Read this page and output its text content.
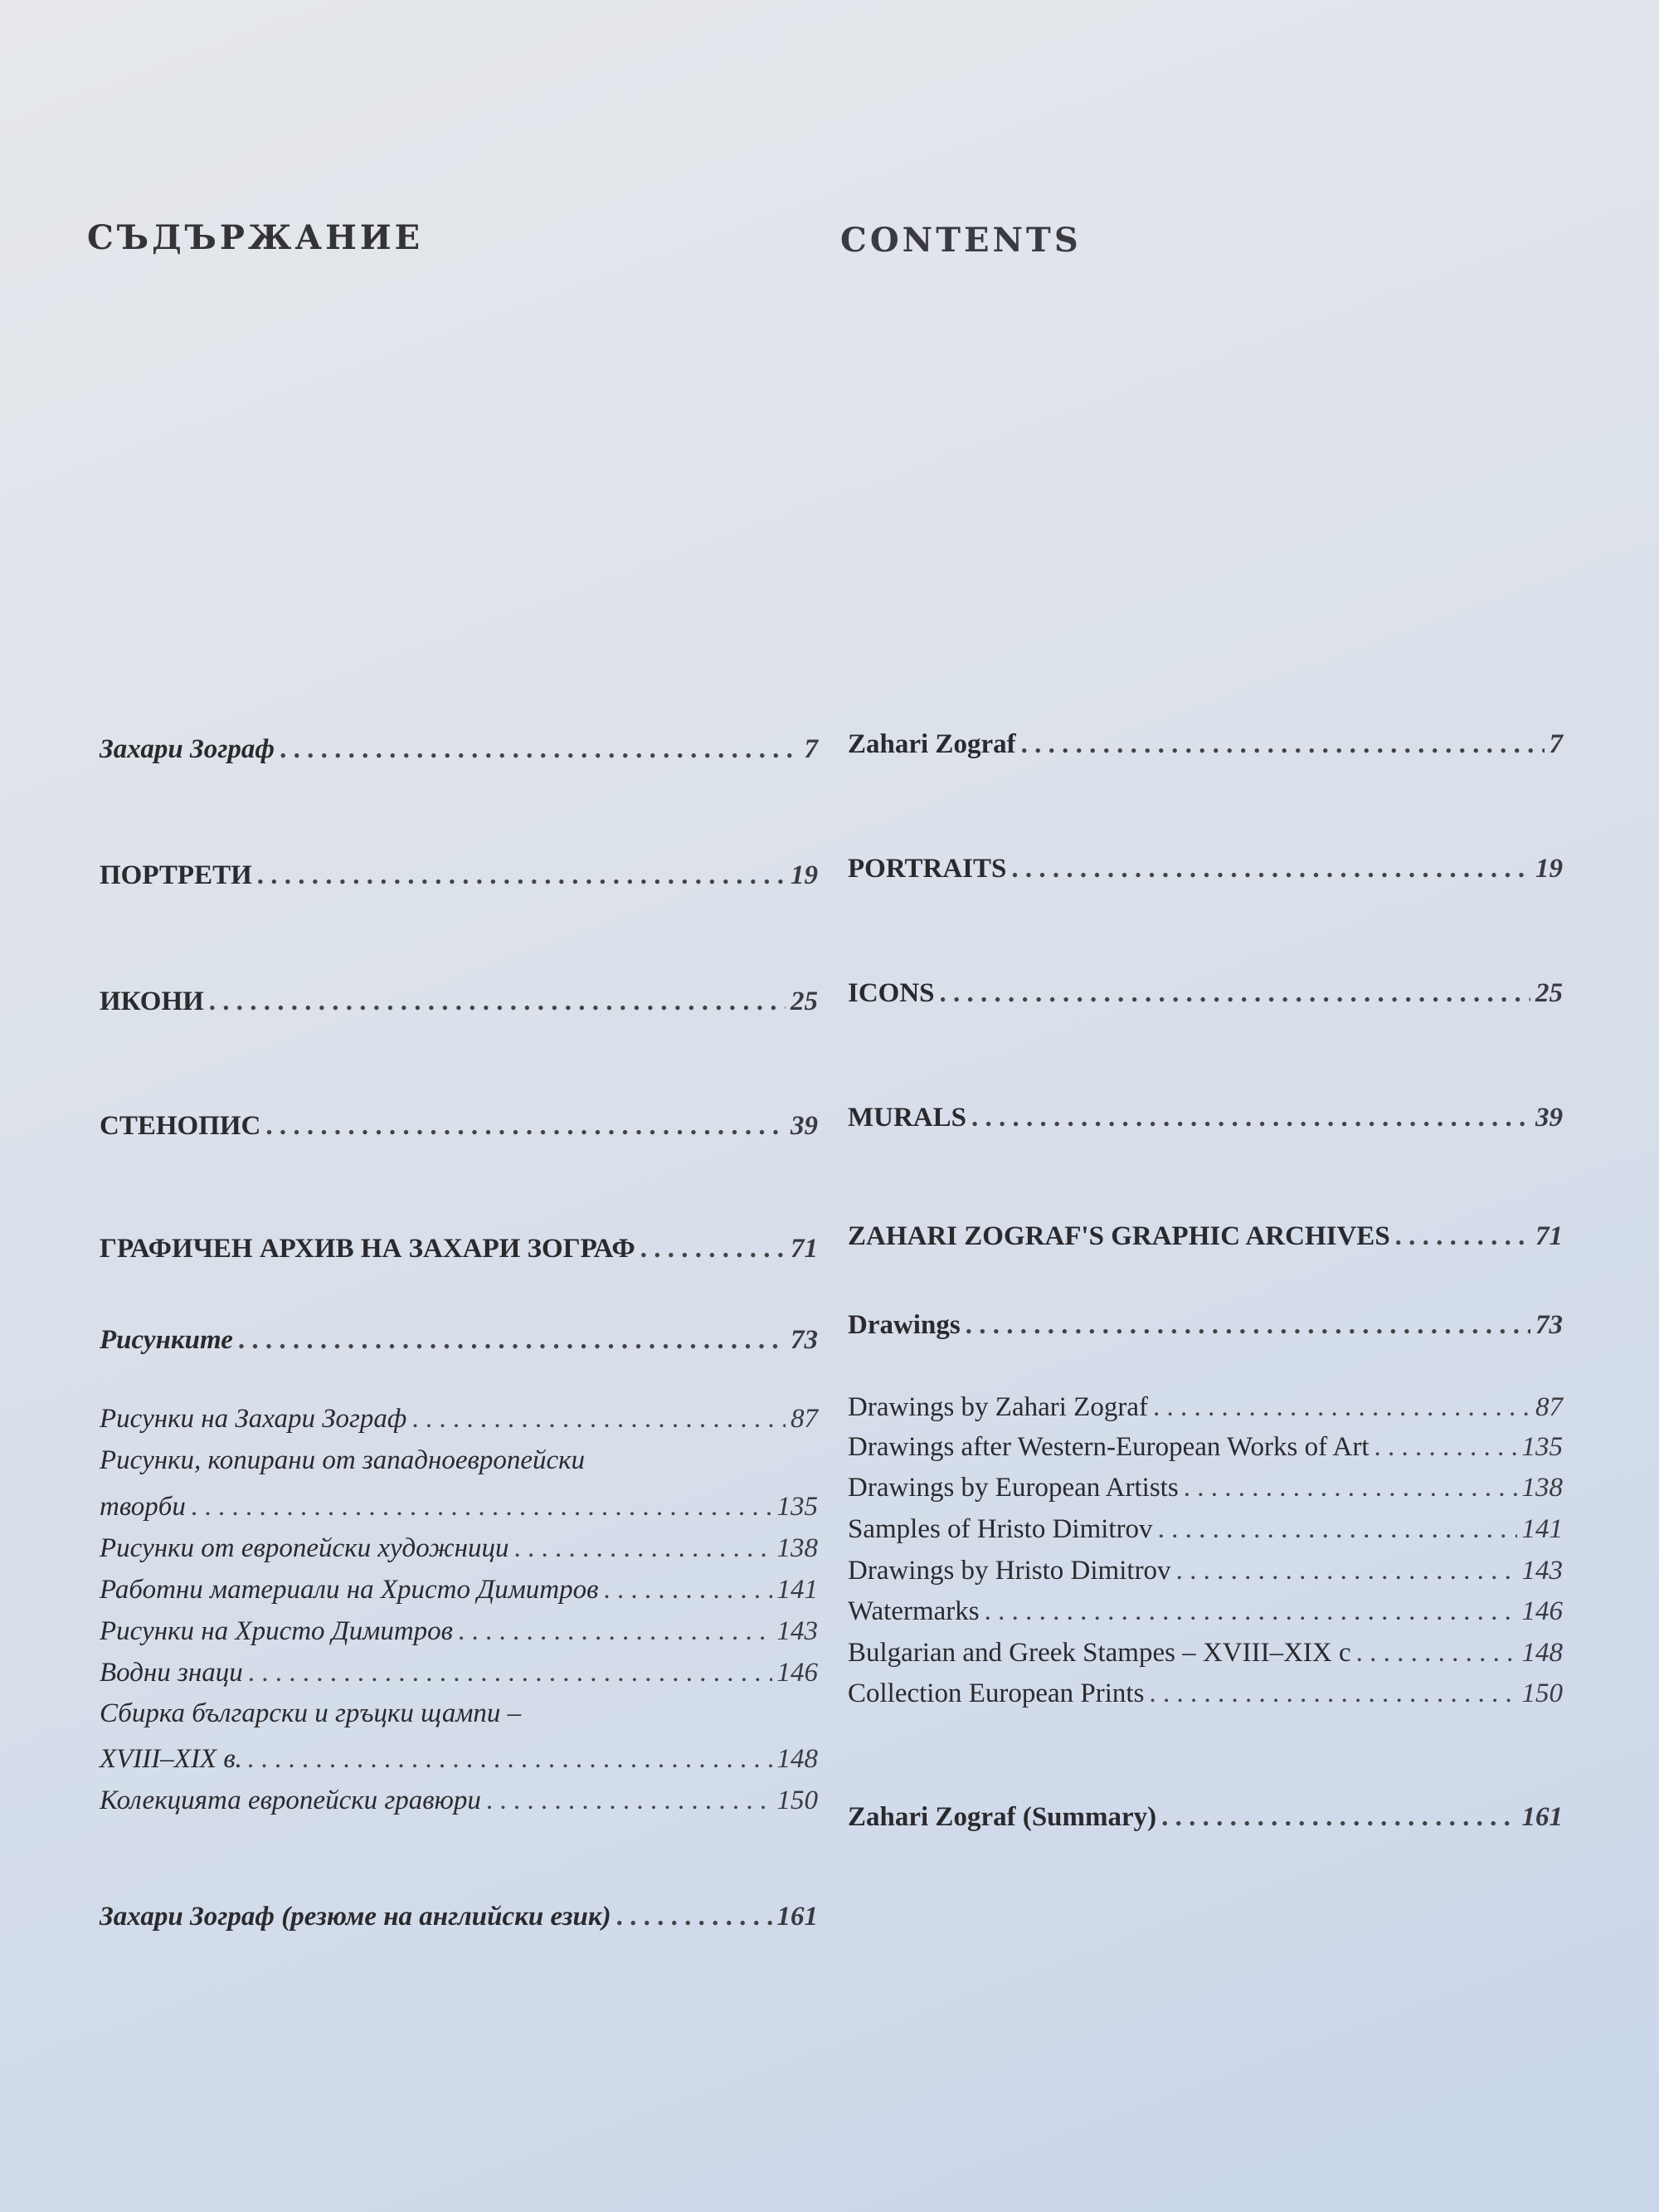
СЪДЪРЖАНИЕ	CONTENTS
Захари Зограф . . .	7
ПОРТРЕТИ . . .	19
ИКОНИ . . .	25
СТЕНОПИС . . .	39
ГРАФИЧЕН АРХИВ НА ЗАХАРИ ЗОГРАФ . . .	71
Рисунките . . .	73
Рисунки на Захари Зограф . . .	87
Рисунки, копирани от западноевропейски
творби . . .	135
Рисунки от европейски художници . . .	138
Работни материали на Христо Димитров . . .	141
Рисунки на Христо Димитров . . .	143
Водни знаци . . .	146
Сбирка български и гръцки щампи –
XVIII–XIX в. . . .	148
Колекцията европейски гравюри . . .	150
Захари Зограф (резюме на английски език) . . .	161
Zahari Zograf . . .	7
PORTRAITS . . .	19
ICONS . . .	25
MURALS . . .	39
ZAHARI ZOGRAF'S GRAPHIC ARCHIVES . . .	71
Drawings . . .	73
Drawings by Zahari Zograf . . .	87
Drawings after Western-European Works of Art . . .	135
Drawings by European Artists . . .	138
Samples of Hristo Dimitrov . . .	141
Drawings by Hristo Dimitrov . . .	143
Watermarks . . .	146
Bulgarian and Greek Stampes – XVIII–XIX c . . .	148
Collection European Prints . . .	150
Zahari Zograf (Summary) . . .	161
